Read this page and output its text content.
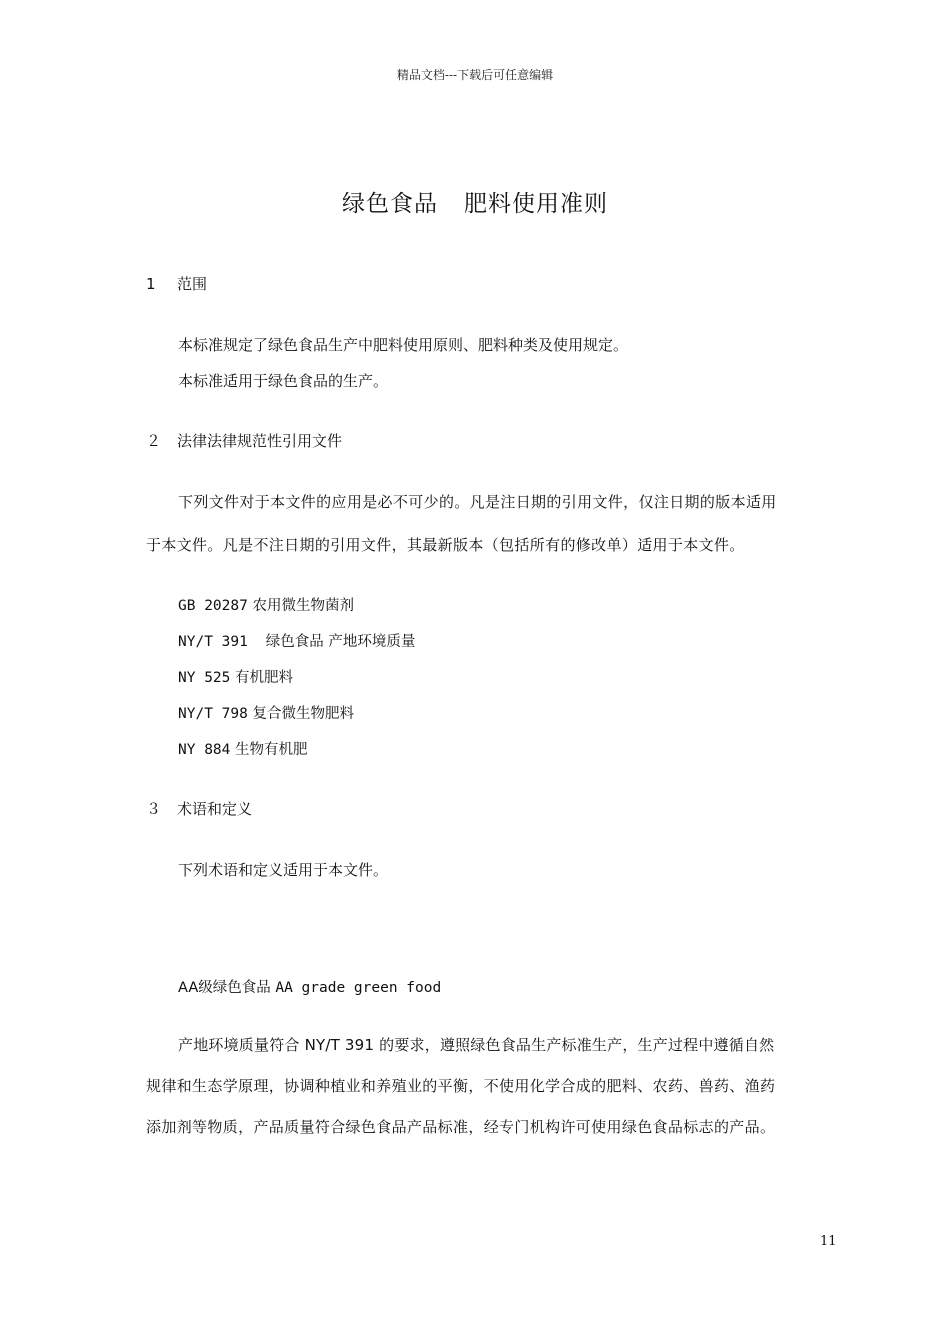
精品文档---下载后可任意编辑
绿色食品 肥料使用准则
1 范围
本标准规定了绿色食品生产中肥料使用原则、肥料种类及使用规定。
本标准适用于绿色食品的生产。
２ 法律法律规范性引用文件
下列文件对于本文件的应用是必不可少的。凡是注日期的引用文件，仅注日期的版本适用
于本文件。凡是不注日期的引用文件，其最新版本（包括所有的修改单）适用于本文件。
GB 20287 农用微生物菌剂
NY/T 391   绿色食品 产地环境质量
NY 525 有机肥料
NY/T 798 复合微生物肥料
NY 884 生物有机肥
３ 术语和定义
下列术语和定义适用于本文件。
AA级绿色食品 AA grade green food
产地环境质量符合 NY/T 391 的要求，遵照绿色食品生产标准生产，生产过程中遵循自然
规律和生态学原理，协调种植业和养殖业的平衡，不使用化学合成的肥料、农药、兽药、渔药
添加剂等物质，产品质量符合绿色食品产品标准，经专门机构许可使用绿色食品标志的产品。
11
